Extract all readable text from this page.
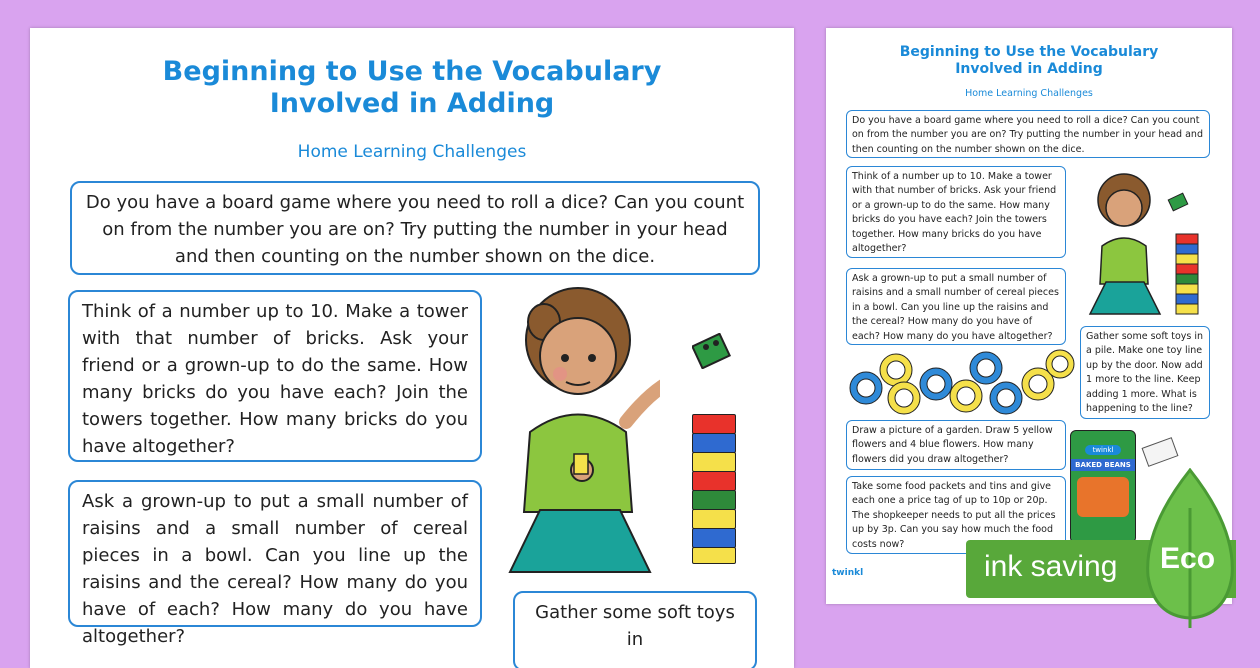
Beginning to Use the Vocabulary
Involved in Adding
Home Learning Challenges
Do you have a board game where you need to roll a dice? Can you count on from the number you are on? Try putting the number in your head and then counting on the number shown on the dice.
Think of a number up to 10. Make a tower with that number of bricks. Ask your friend or a grown-up to do the same. How many bricks do you have each? Join the towers together. How many bricks do you have altogether?
Ask a grown-up to put a small number of raisins and a small number of cereal pieces in a bowl. Can you line up the raisins and the cereal? How many do you have of each? How many do you have altogether?
Gather some soft toys in
Beginning to Use the Vocabulary
Involved in Adding
Home Learning Challenges
Do you have a board game where you need to roll a dice? Can you count on from the number you are on? Try putting the number in your head and then counting on the number shown on the dice.
Think of a number up to 10. Make a tower with that number of bricks. Ask your friend or a grown-up to do the same. How many bricks do you have each? Join the towers together. How many bricks do you have altogether?
Ask a grown-up to put a small number of raisins and a small number of cereal pieces in a bowl. Can you line up the raisins and the cereal? How many do you have of each? How many do you have altogether?	Gather some soft toys in a pile. Make one toy line up by the door. Now add 1 more to the line. Keep adding 1 more. What is happening to the line?
Draw a picture of a garden. Draw 5 yellow flowers and 4 blue flowers. How many flowers did you draw altogether?
Take some food packets and tins and give each one a price tag of up to 10p or 20p. The shopkeeper needs to put all the prices up by 3p. Can you say how much the food costs now?
twinkl
BAKED BEANS
twinkl	ink saving Eco
